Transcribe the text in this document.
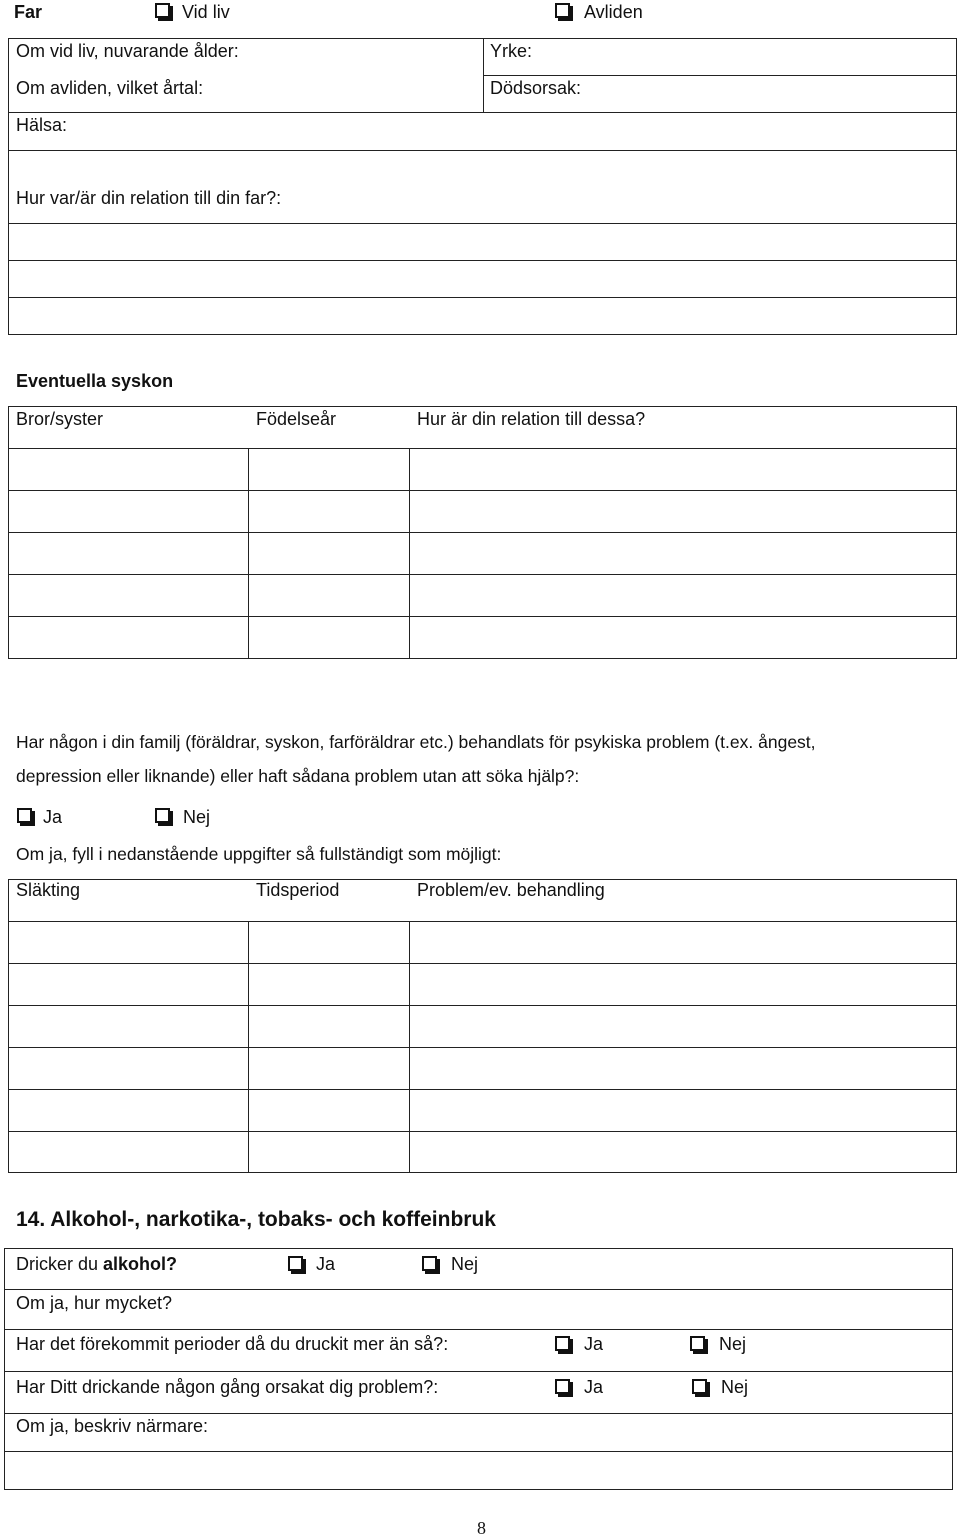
Far	Vid liv	Avliden
Om vid liv, nuvarande ålder:	Yrke:
Om avliden, vilket årtal:	Dödsorsak:
Hälsa:
Hur var/är din relation till din far?:
Eventuella syskon
Bror/syster	Födelseår	Hur är din relation till dessa?
Har någon i din familj (föräldrar, syskon, farföräldrar etc.) behandlats för psykiska problem (t.ex. ångest,
depression eller liknande) eller haft sådana problem utan att söka hjälp?:
Ja	Nej
Om ja, fyll i nedanstående uppgifter så fullständigt som möjligt:
Släkting	Tidsperiod	Problem/ev. behandling
14. Alkohol-, narkotika-, tobaks- och koffeinbruk
Dricker du alkohol?	Ja	Nej
Om ja, hur mycket?
Har det förekommit perioder då du druckit mer än så?:	Ja	Nej
Har Ditt drickande någon gång orsakat dig problem?:	Ja	Nej
Om ja, beskriv närmare:
8
